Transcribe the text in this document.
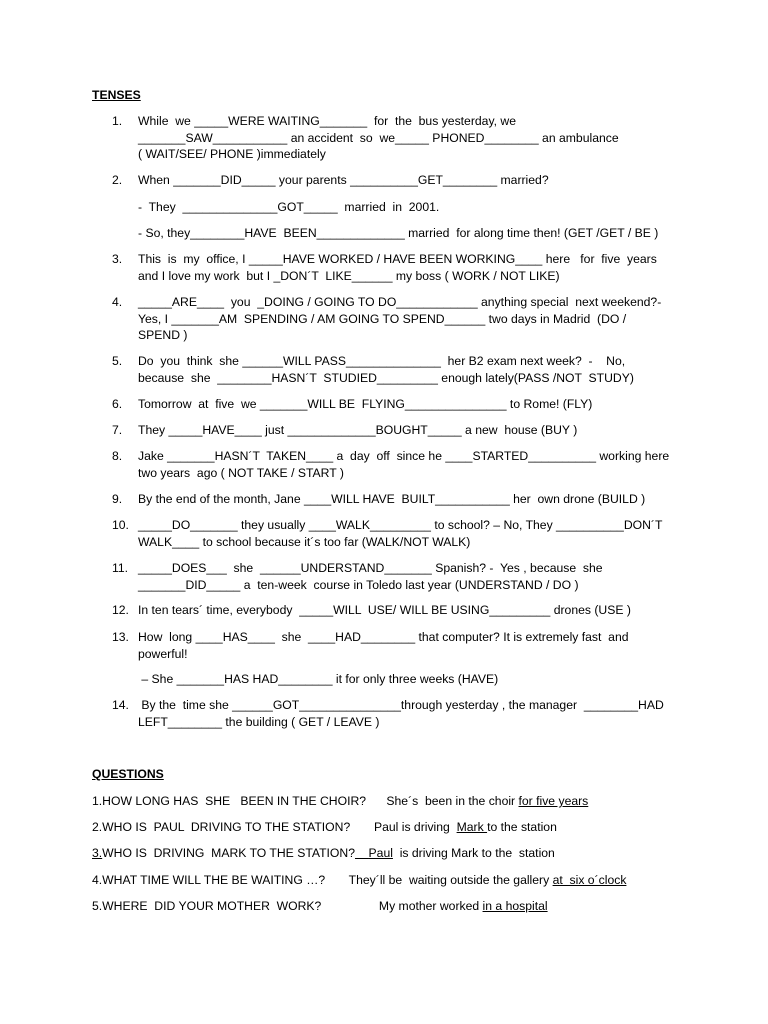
TENSES
1.	While  we _____WERE WAITING_______  for  the  bus yesterday, we
_______SAW___________ an accident  so  we_____ PHONED________ an ambulance
( WAIT/SEE/ PHONE )immediately
2.	When _______DID_____ your parents __________GET________ married?
-  They  ______________GOT_____  married  in  2001.
- So, they________HAVE  BEEN_____________ married  for along time then! (GET /GET / BE )
3.	This  is  my  office, I _____HAVE WORKED / HAVE BEEN WORKING____ here   for  five  years
and I love my work  but I _DON´T  LIKE______ my boss ( WORK / NOT LIKE)
4.	_____ARE____  you  _DOING / GOING TO DO____________ anything special  next weekend?-
Yes, I _______AM  SPENDING / AM GOING TO SPEND______ two days in Madrid  (DO /
SPEND )
5.	Do  you  think  she ______WILL PASS______________  her B2 exam next week?  -    No,
because  she  ________HASN´T  STUDIED_________ enough lately(PASS /NOT  STUDY)
6.	Tomorrow  at  five  we _______WILL BE  FLYING_______________ to Rome! (FLY)
7.	They _____HAVE____ just _____________BOUGHT_____ a new  house (BUY )
8.	Jake _______HASN´T  TAKEN____ a  day  off  since he ____STARTED__________ working here
two years  ago ( NOT TAKE / START )
9.	By the end of the month, Jane ____WILL HAVE  BUILT___________ her  own drone (BUILD )
10. _____DO_______ they usually ____WALK_________ to school? – No, They __________DON´T
WALK____ to school because it´s too far (WALK/NOT WALK)
11. _____DOES___  she  ______UNDERSTAND_______ Spanish? -  Yes , because  she
_______DID_____ a  ten-week  course in Toledo last year (UNDERSTAND / DO )
12. In ten tears´ time, everybody  _____WILL  USE/ WILL BE USING_________ drones (USE )
13. How  long ____HAS____  she  ____HAD________ that computer? It is extremely fast  and
powerful!
– She _______HAS HAD________ it for only three weeks (HAVE)
14.	By the  time she ______GOT_______________through yesterday , the manager  ________HAD
LEFT________ the building ( GET / LEAVE )
QUESTIONS
1.HOW LONG HAS  SHE   BEEN IN THE CHOIR? She´s  been in the choir for five years
2.WHO IS  PAUL  DRIVING TO THE STATION? Paul is driving  Mark to the station
3.WHO IS  DRIVING  MARK TO THE STATION? Paul  is driving Mark to the  station
4.WHAT TIME WILL THE BE WAITING …? They´ll be  waiting outside the gallery at  six o´clock
5.WHERE  DID YOUR MOTHER  WORK?	My mother worked in a hospital
